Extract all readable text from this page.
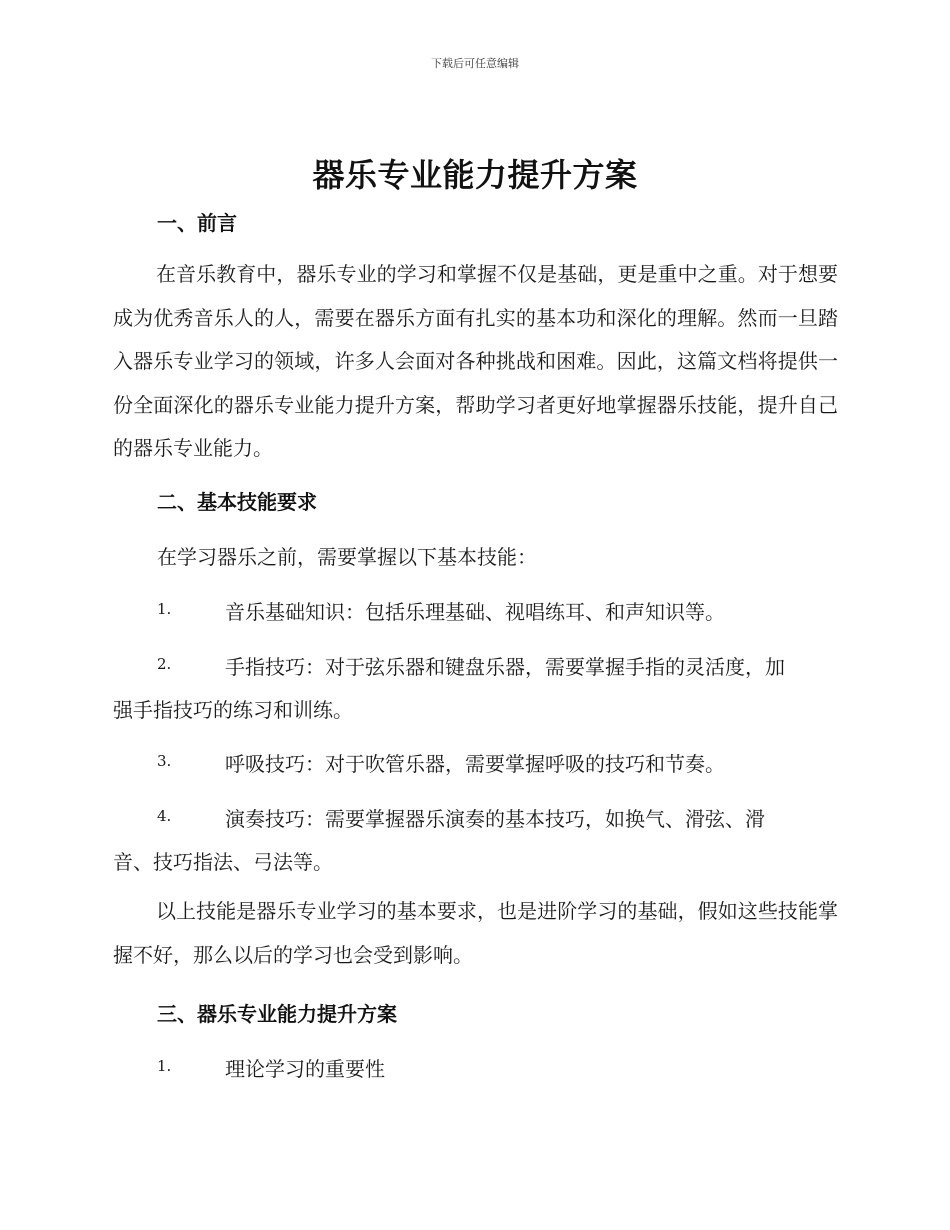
下载后可任意编辑
器乐专业能力提升方案
一、前言

在音乐教育中，器乐专业的学习和掌握不仅是基础，更是重中之重。对于想要成为优秀音乐人的人，需要在器乐方面有扎实的基本功和深化的理解。然而一旦踏入器乐专业学习的领域，许多人会面对各种挑战和困难。因此，这篇文档将提供一份全面深化的器乐专业能力提升方案，帮助学习者更好地掌握器乐技能，提升自己的器乐专业能力。

二、基本技能要求
在学习器乐之前，需要掌握以下基本技能：
1.	音乐基础知识：包括乐理基础、视唱练耳、和声知识等。
2.	手指技巧：对于弦乐器和键盘乐器，需要掌握手指的灵活度，加
强手指技巧的练习和训练。
3.	呼吸技巧：对于吹管乐器，需要掌握呼吸的技巧和节奏。
4.	演奏技巧：需要掌握器乐演奏的基本技巧，如换气、滑弦、滑
音、技巧指法、弓法等。

以上技能是器乐专业学习的基本要求，也是进阶学习的基础，假如这些技能掌握不好，那么以后的学习也会受到影响。

三、器乐专业能力提升方案
1.	理论学习的重要性
